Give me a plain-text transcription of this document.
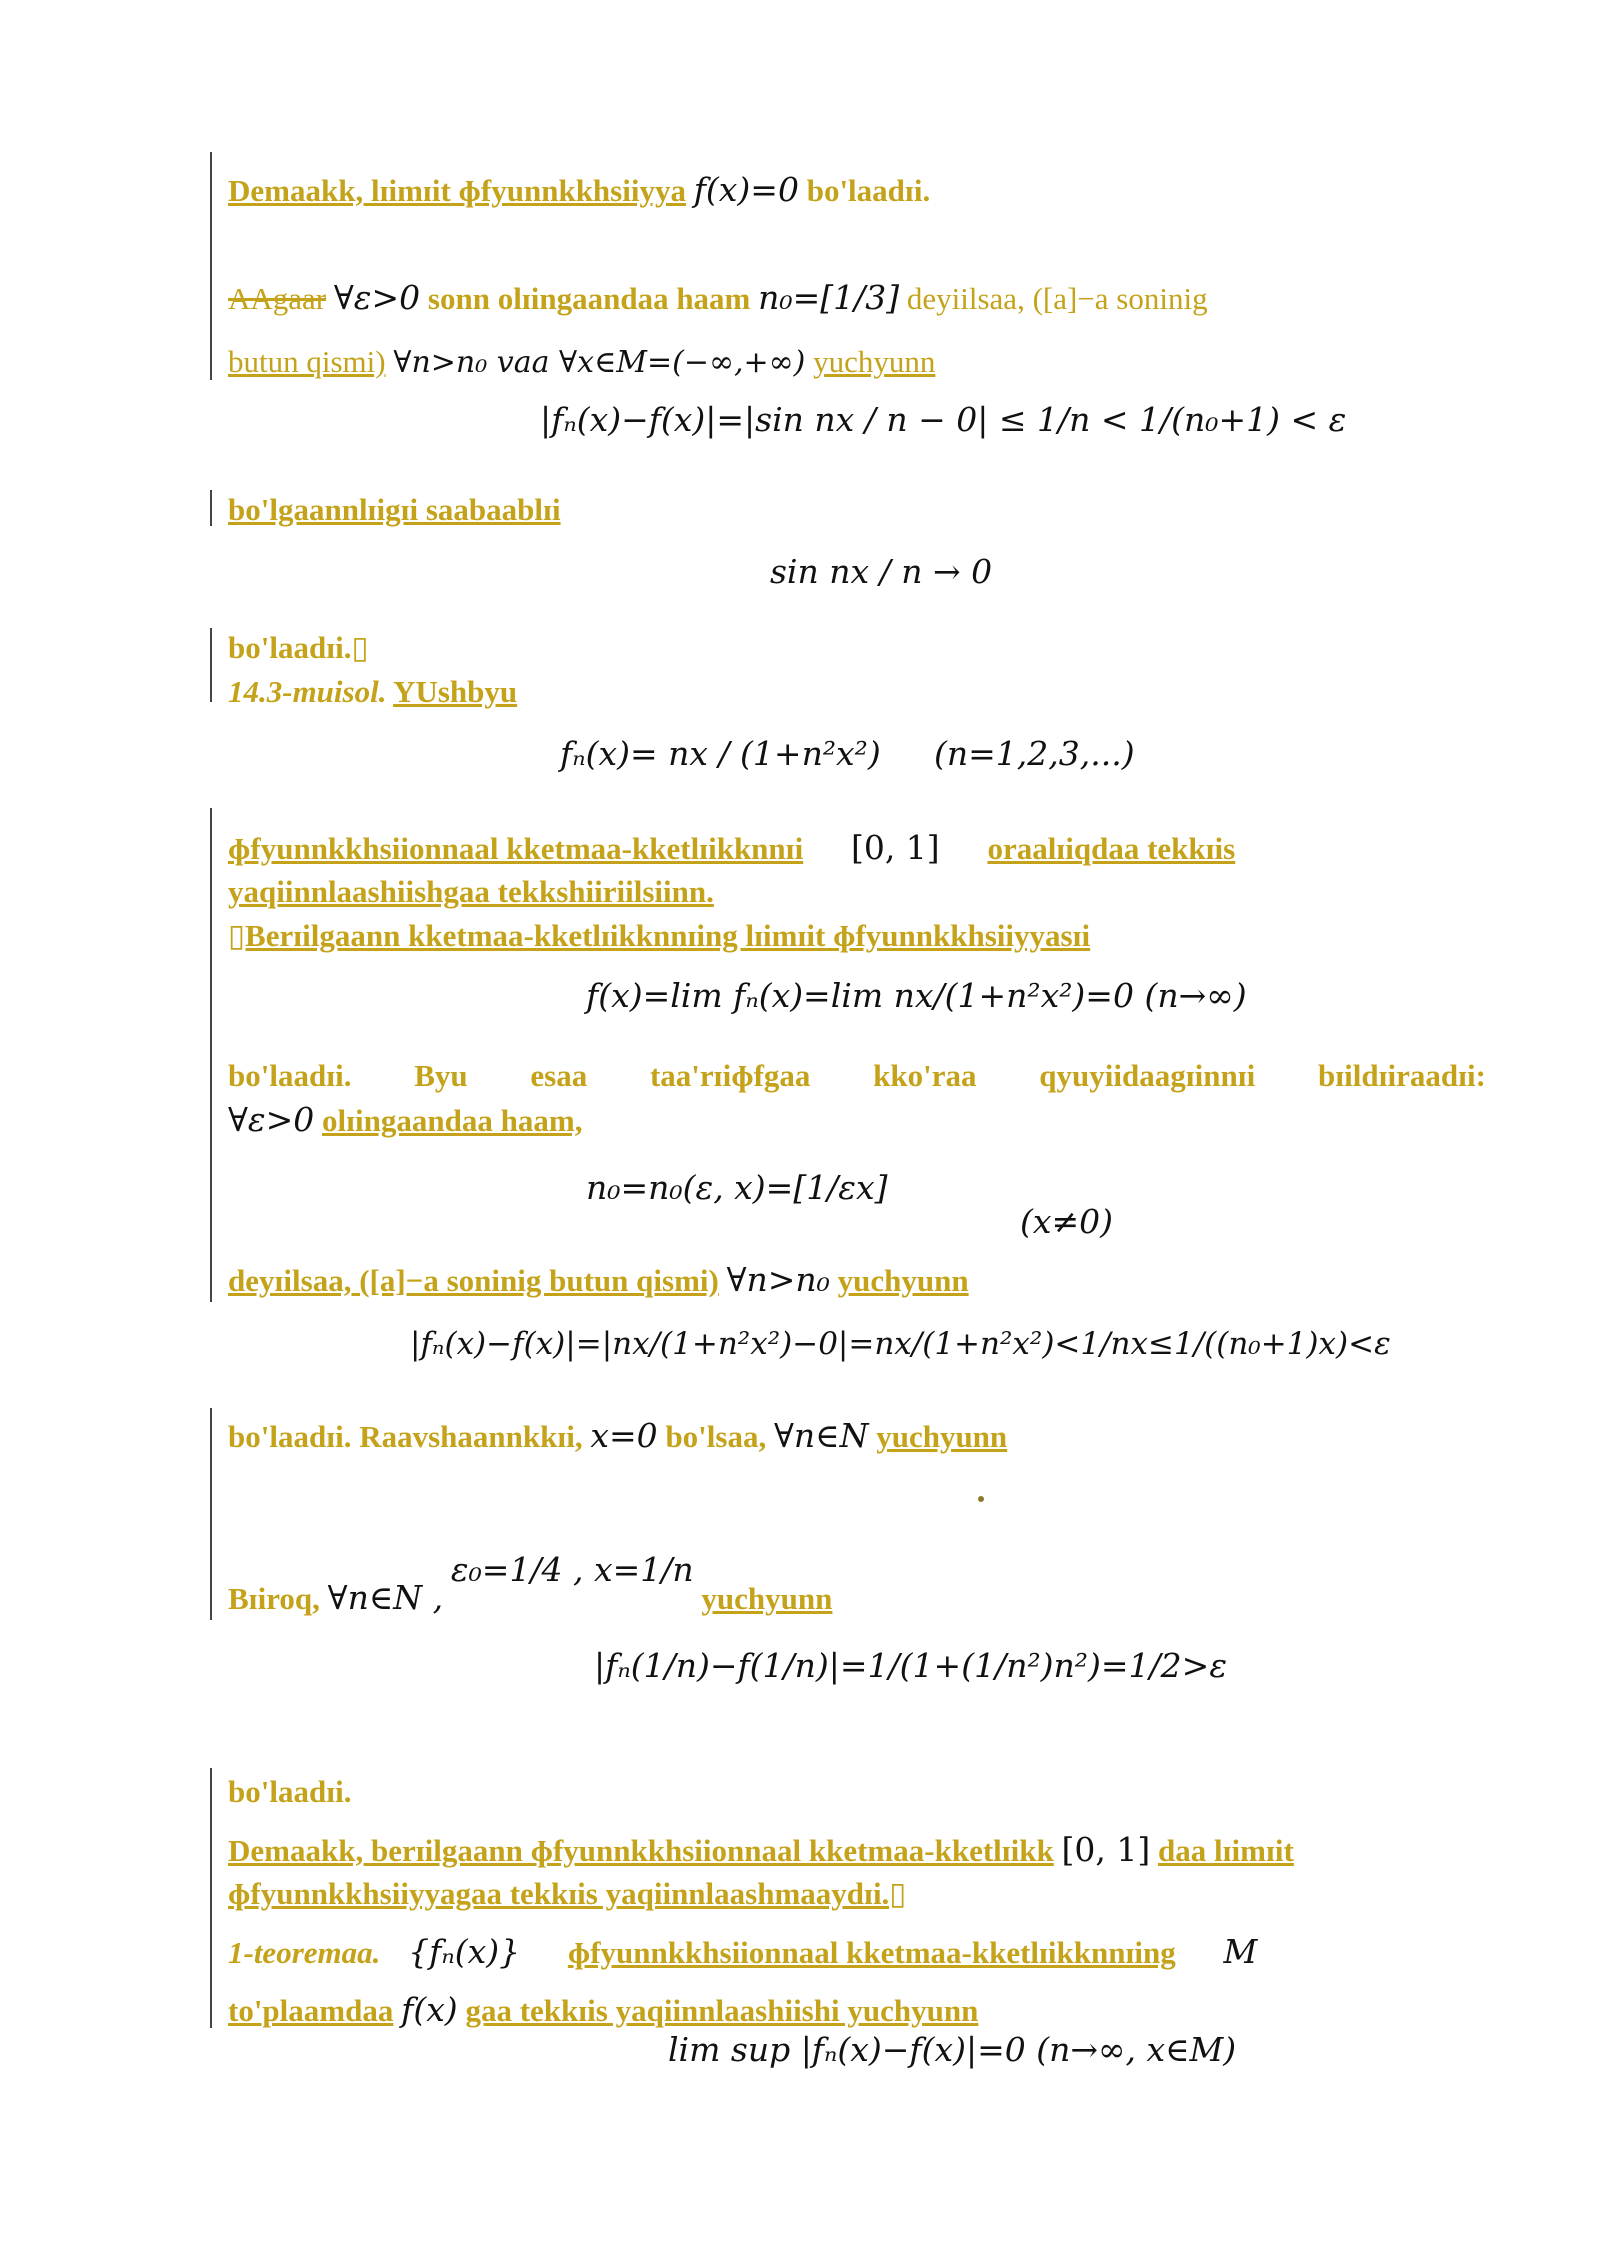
Demaakk, lɪimɪit ɸfyunnkkhsiiyya f(x)=0 bo'laadɪi.
AAgaar ∀ε>0 sonn olɪingaandaa haam n₀=[1/3] deyiilsaa, ([a]−a soninig
butun qismi) ∀n>n₀ vaa ∀x∈M=(−∞,+∞) yuchyunn
|fₙ(x)−f(x)|=|sin nx / n − 0| ≤ 1/n < 1/(n₀+1) < ε
bo'lgaannlɪigɪi saabaablɪi
sin nx / n → 0
bo'laadɪi.▯
14.3-muisol. YUshbyu
fₙ(x)= nx / (1+n²x²) (n=1,2,3,...)
ɸfyunnkkhsiionnaal kketmaa-kketlɪikknnɪi [0, 1] oraalɪiqdaa tekkɪis
yaqiinnlaashiishgaa tekkshiiriilsiinn.
▯Berɪilgaann kketmaa-kketlɪikknnɪing lɪimɪit ɸfyunnkkhsiiyyasɪi
f(x)=lim fₙ(x)=lim nx/(1+n²x²)=0 (n→∞)
bo'laadɪi. Byu esaa taa'rɪiɸfgaa kko'raa qyuyiidaagɪinnɪi bɪildɪiraadɪi:
∀ε>0 olɪingaandaa haam,
n₀=n₀(ε, x)=[1/εx]
(x≠0)
deyɪilsaa, ([a]−a soninig butun qismi) ∀n>n₀ yuchyunn
|fₙ(x)−f(x)|=|nx/(1+n²x²)−0|=nx/(1+n²x²)<1/nx≤1/((n₀+1)x)<ε
bo'laadɪi. Raavshaannkkɪi, x=0 bo'lsaa, ∀n∈N yuchyunn
Bɪiroq, ∀n∈N , ε₀=1/4 , x=1/n yuchyunn
|fₙ(1/n)−f(1/n)|=1/(1+(1/n²)n²)=1/2>ε
bo'laadɪi.
Demaakk, berɪilgaann ɸfyunnkkhsiionnaal kketmaa-kketlɪikk [0, 1] daa lɪimɪit
ɸfyunnkkhsiiyyagaa tekkɪis yaqiinnlaashmaaydɪi.▯
1-teoremaa. {fₙ(x)} ɸfyunnkkhsiionnaal kketmaa-kketlɪikknnɪing M
to'plaamdaa f(x) gaa tekkɪis yaqiinnlaashiishi yuchyunn
lim sup |fₙ(x)−f(x)|=0 (n→∞, x∈M)
